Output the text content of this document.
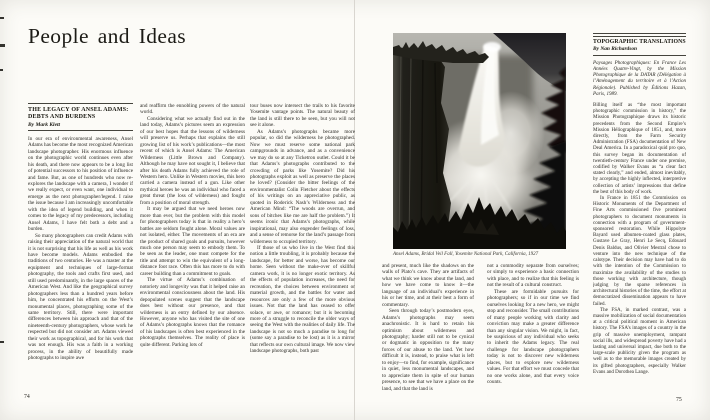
People and Ideas
THE LEGACY OF ANSEL ADAMS:
DEBTS AND BURDENS
By Mark Klett

In our era of environmental awareness, Ansel Adams has become the most recognized American landscape photographer. His enormous influence on the photographic world continues even after his death, and there now appears to be a long list of potential successors to his position of influence and fame. But, as one of hundreds who now re-explores the landscape with a camera, I wonder if we really expect, or even want, one individual to emerge as the next photographer/legend. I raise the issue because I am increasingly uncomfortable with the idea of legend building, and when it comes to the legacy of my predecessors, including Ansel Adams, I have felt both a debt and a burden.

So many photographers can credit Adams with raising their appreciation of the natural world that it is not surprising that his life as well as his work have become models. Adams embodied the traditions of two centuries. He was a master at the equipment and techniques of large-format photography, the tools and crafts first used, and still used predominantly, in the large spaces of the American West. And like the geographical survey photographers less than a hundred years before him, he concentrated his efforts on the West’s monumental places, photographing some of the same territory. Still, there were important differences between his approach and that of the nineteenth-century photographers, whose work he respected but did not consider art. Adams viewed their work as topographical, and for his work that was not enough. His was a faith in a working process, in the ability of beautifully made photographs to inspire awe

and reaffirm the ennobling powers of the natural world.

Considering what we actually find out in the land today, Adams’s pictures seem an expression of our best hopes that the lessons of wilderness will preserve us. Perhaps that explains the still growing list of his work’s publications—the most recent of which is Ansel Adams: The American Wilderness (Little Brown and Company). Although he may have not sought it, I believe that after his death Adams fully achieved the role of Western hero. Unlike in Western movies, this hero carried a camera instead of a gun. Like other mythical heroes he was an individual who faced a great threat (the loss of wilderness) and fought from a position of moral strength.

It may be argued that we need heroes now more than ever, but the problem with this model for photographers today is that in reality a hero’s battles are seldom fought alone. Moral values are not isolated, either. The movements of an era are the product of shared goals and pursuits, however much one person may seem to embody them. To be seen as the leader, one must compete for the title and attempt to win the equivalent of a long-distance foot race. Often this has more to do with career building than a commitment to goals.

The virtue of Adams’s combination of notoriety and longevity was that it helped raise an environmental consciousness about the land. His depopulated scenes suggest that the landscape does best without our presence, and that wilderness is an entry defined by our absence. However, anyone who has visited the site of one of Adams’s photographs knows that the romance of his landscapes is often best experienced in the photographs themselves. The reality of place is quite different. Parking lots of

tour buses now intersect the trails to his favorite Yosemite vantage points. The natural beauty of the land is still there to be seen, but you will not see it alone.

As Adams’s photographs became more popular, so did the wilderness he photographed. Now we must reserve some national park campgrounds in advance, and as a convenience we may do so at any Ticketron outlet. Could it be that Adams’s photographs contributed to the crowding of parks like Yosemite? Did his photographs exploit as well as preserve the places he loved? (Consider the bitter feelings of the environmentalist Colin Fletcher about the effects of his writings on an appreciative public, as quoted in Roderick Nash’s Wilderness and the American Mind: “The woods are overrun, and sons of bitches like me are half the problem.”) It seems ironic that Adams’s photographs, while inspirational, may also engender feelings of loss, and a sense of remorse for the land’s passage from wilderness to occupied territory.

If those of us who live in the West find this notion a little troubling, it is probably because the landscape, for better and worse, has become our home. Seen without the make-over of skillful camera work, it is no longer exotic territory. As the effects of population increases, the need for recreation, the choices between environment or material growth, and the battles for water and resources are only a few of the more obvious issues. Not that the land has ceased to offer solace, or awe, or romance; but it is becoming more of a struggle to reconcile the older ways of seeing the West with the realities of daily life. The landscape is not so much a paradise to long for (some say a paradise to be lost) as it is a mirror that reflects our own cultural image. We now view landscape photographs, both past

74
Ansel Adams, Bridal Veil Fall, Yosemite National Park, California, 1927

and present, much like the shadows on the walls of Plato’s cave. They are artifacts of what we think we know about the land, and how we have come to know it—the language of an individual’s experience in his or her time, and at their best a form of commentary.

Seen through today’s postmodern eyes, Adams’s photographs may seem anachronistic. It is hard to retain his optimism about wilderness and photography; harder still not to be cynical or dogmatic in opposition to the many forces of our abuse to the land. Yet how difficult it is, instead, to praise what is left to enjoy—to find, for example, significance in quiet, less monumental landscapes, and to appreciate them in spite of our human presence, to see that we have a place on the land, and that the land is

not a commodity separate from ourselves; or simply to experience a basic connection with place, and to realize that this feeling is not the result of a cultural construct.

These are formidable pursuits for photographers; so if in our time we find ourselves looking for a new hero, we might stop and reconsider. The small contributions of many people working with clarity and conviction may make a greater difference than any singular vision. We might, in fact, be suspicious of any individual who seeks to inherit the Adams legacy. The real challenge for landscape photographers today is not to discover new wilderness places, but to explore new wilderness values. For that effort we must concede that no one works alone, and that every voice counts.

TOPOGRAPHIC TRANSLATIONS
By Nan Richardson

Paysages Photographiques: En France Les Années Quatre-Vingt, by the Mission Photographique de la DATAR (Délégation à l’Aménagement du territoire et à l’Action Régionale). Published by Éditions Hazan, Paris, 1989.

Billing itself as “the most important photographic commission in history,” the Mission Photographique draws its historic precedents from the Second Empire’s Mission Héliographique of 1851, and, more directly, from the Farm Security Administration (FSA) documentation of New Deal America. In a paradoxical quid pro quo, this survey began its documentation of twentieth-century France under one premise, codified by Walker Evans as “a clear fact stated clearly,” and ended, almost inevitably, by accepting the highly inflected, interpretive collection of artists’ impressions that define the best of this body of work.

In France in 1851 the Commission on Historic Monuments of the Department of Fine Arts commissioned five prominent photographers to document monuments in connection with a program of government-sponsored restoration. While Hippolyte Bayard used albumen-coated glass plates, Gustave Le Gray, Henri Le Secq, Edouard Denis Baldus, and Olivier Mestral chose to venture into the new technique of the calotype. Their decision may have had to do with the intention of the Commission to maximize the availability of the studies to those working with architecture, though judging by the sparse references in architectural histories of the time, the effort at democratized dissemination appears to have failed.

The FSA, in marked contrast, was a massive mobilization of social documentation at a critical political moment in American history. The FSA’s images of a country in the grip of massive unemployment, rampant social ills, and widespread poverty have had a lasting and universal impact, due both to the large-scale publicity given the program as well as to the memorable images created by its gifted photographers, especially Walker Evans and Dorothea Lange.

75
